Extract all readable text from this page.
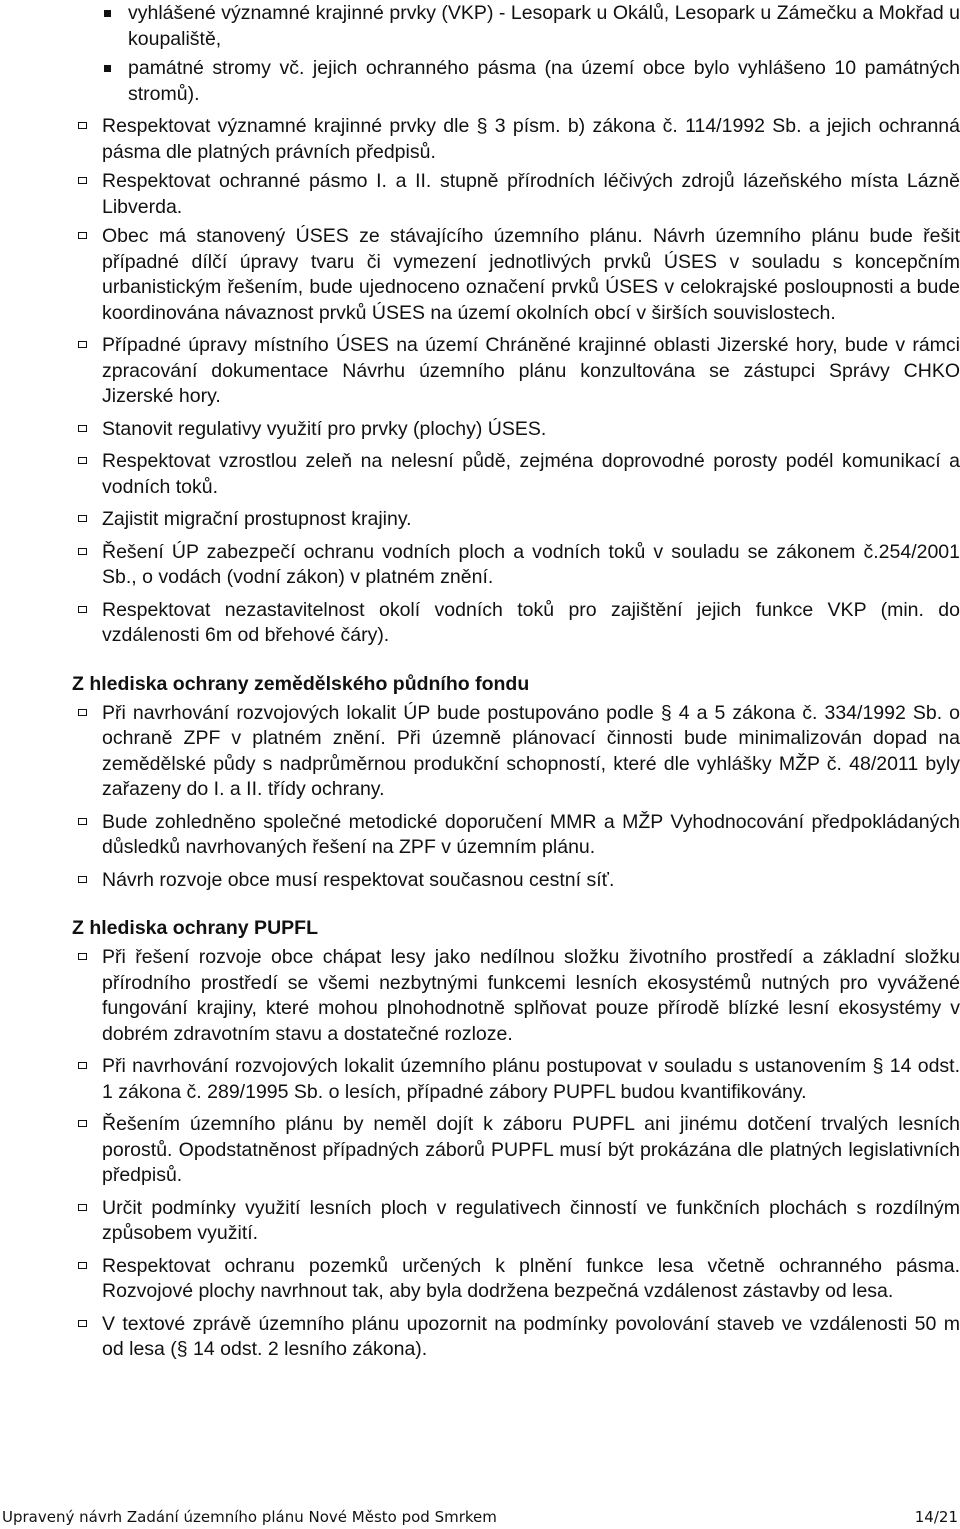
vyhlášené významné krajinné prvky (VKP) - Lesopark u Okálů, Lesopark u Zámečku a Mokřad u koupaliště,
památné stromy vč. jejich ochranného pásma (na území obce bylo vyhlášeno 10 památných stromů).
Respektovat významné krajinné prvky dle § 3 písm. b) zákona č. 114/1992 Sb. a jejich ochranná pásma dle platných právních předpisů.
Respektovat ochranné pásmo I. a II. stupně přírodních léčivých zdrojů lázeňského místa Lázně Libverda.
Obec má stanovený ÚSES ze stávajícího územního plánu. Návrh územního plánu bude řešit případné dílčí úpravy tvaru či vymezení jednotlivých prvků ÚSES v souladu s koncepčním urbanistickým řešením, bude ujednoceno označení prvků ÚSES v celokrajské posloupnosti a bude koordinována návaznost prvků ÚSES na území okolních obcí v širších souvislostech.
Případné úpravy místního ÚSES na území Chráněné krajinné oblasti Jizerské hory, bude v rámci zpracování dokumentace Návrhu územního plánu konzultována se zástupci Správy CHKO Jizerské hory.
Stanovit regulativy využití pro prvky (plochy) ÚSES.
Respektovat vzrostlou zeleň na nelesní půdě, zejména doprovodné porosty podél komunikací a vodních toků.
Zajistit migrační prostupnost krajiny.
Řešení ÚP zabezpečí ochranu vodních ploch a vodních toků v souladu se zákonem č.254/2001 Sb., o vodách (vodní zákon) v platném znění.
Respektovat nezastavitelnost okolí vodních toků pro zajištění jejich funkce VKP (min. do vzdálenosti 6m od břehové čáry).
Z hlediska ochrany zemědělského půdního fondu
Při navrhování rozvojových lokalit ÚP bude postupováno podle § 4 a 5 zákona č. 334/1992 Sb. o ochraně ZPF v platném znění. Při územně plánovací činnosti bude minimalizován dopad na zemědělské půdy s nadprůměrnou produkční schopností, které dle vyhlášky MŽP č. 48/2011 byly zařazeny do I. a II. třídy ochrany.
Bude zohledněno společné metodické doporučení MMR a MŽP Vyhodnocování předpokládaných důsledků navrhovaných řešení na ZPF v územním plánu.
Návrh rozvoje obce musí respektovat současnou cestní síť.
Z hlediska ochrany PUPFL
Při řešení rozvoje obce chápat lesy jako nedílnou složku životního prostředí a základní složku přírodního prostředí se všemi nezbytnými funkcemi lesních ekosystémů nutných pro vyvážené fungování krajiny, které mohou plnohodnotně splňovat pouze přírodě blízké lesní ekosystémy v dobrém zdravotním stavu a dostatečné rozloze.
Při navrhování rozvojových lokalit územního plánu postupovat v souladu s ustanovením § 14 odst. 1 zákona č. 289/1995 Sb. o lesích, případné zábory PUPFL budou kvantifikovány.
Řešením územního plánu by neměl dojít k záboru PUPFL ani jinému dotčení trvalých lesních porostů. Opodstatněnost případných záborů PUPFL musí být prokázána dle platných legislativních předpisů.
Určit podmínky využití lesních ploch v regulativech činností ve funkčních plochách s rozdílným způsobem využití.
Respektovat ochranu pozemků určených k plnění funkce lesa včetně ochranného pásma. Rozvojové plochy navrhnout tak, aby byla dodržena bezpečná vzdálenost zástavby od lesa.
V textové zprávě územního plánu upozornit na podmínky povolování staveb ve vzdálenosti 50 m od lesa (§ 14 odst. 2 lesního zákona).
Upravený návrh Zadání územního plánu Nové Město pod Smrkem	14/21
